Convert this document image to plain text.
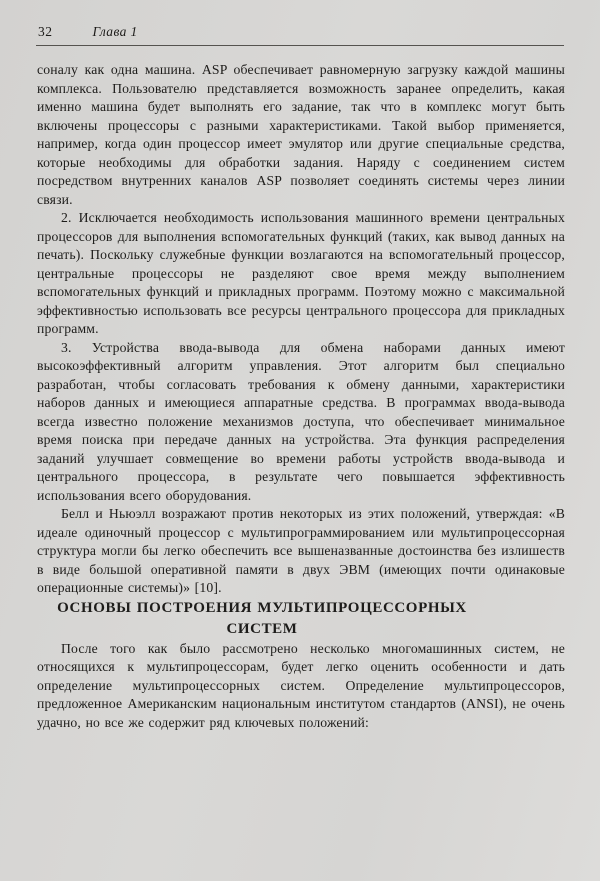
32	Глава 1

соналу как одна машина. ASP обеспечивает равномерную загрузку каждой машины комплекса. Пользователю представляется возможность заранее определить, какая именно машина будет выполнять его задание, так что в комплекс могут быть включены процессоры с разными характеристиками. Такой выбор применяется, например, когда один процессор имеет эмулятор или другие специальные средства, которые необходимы для обработки задания. Наряду с соединением систем посредством внутренних каналов ASP позволяет соединять системы через линии связи.

2. Исключается необходимость использования машинного времени центральных процессоров для выполнения вспомогательных функций (таких, как вывод данных на печать). Поскольку служебные функции возлагаются на вспомогательный процессор, центральные процессоры не разделяют свое время между выполнением вспомогательных функций и прикладных программ. Поэтому можно с максимальной эффективностью использовать все ресурсы центрального процессора для прикладных программ.

3. Устройства ввода-вывода для обмена наборами данных имеют высокоэффективный алгоритм управления. Этот алгоритм был специально разработан, чтобы согласовать требования к обмену данными, характеристики наборов данных и имеющиеся аппаратные средства. В программах ввода-вывода всегда известно положение механизмов доступа, что обеспечивает минимальное время поиска при передаче данных на устройства. Эта функция распределения заданий улучшает совмещение во времени работы устройств ввода-вывода и центрального процессора, в результате чего повышается эффективность использования всего оборудования.

Белл и Ньюэлл возражают против некоторых из этих положений, утверждая: «В идеале одиночный процессор с мультипрограммированием или мультипроцессорная структура могли бы легко обеспечить все вышеназванные достоинства без излишеств в виде большой оперативной памяти в двух ЭВМ (имеющих почти одинаковые операционные системы)» [10].

ОСНОВЫ ПОСТРОЕНИЯ МУЛЬТИПРОЦЕССОРНЫХ СИСТЕМ

После того как было рассмотрено несколько многомашинных систем, не относящихся к мультипроцессорам, будет легко оценить особенности и дать определение мультипроцессорных систем. Определение мультипроцессоров, предложенное Американским национальным институтом стандартов (ANSI), не очень удачно, но все же содержит ряд ключевых положений:
